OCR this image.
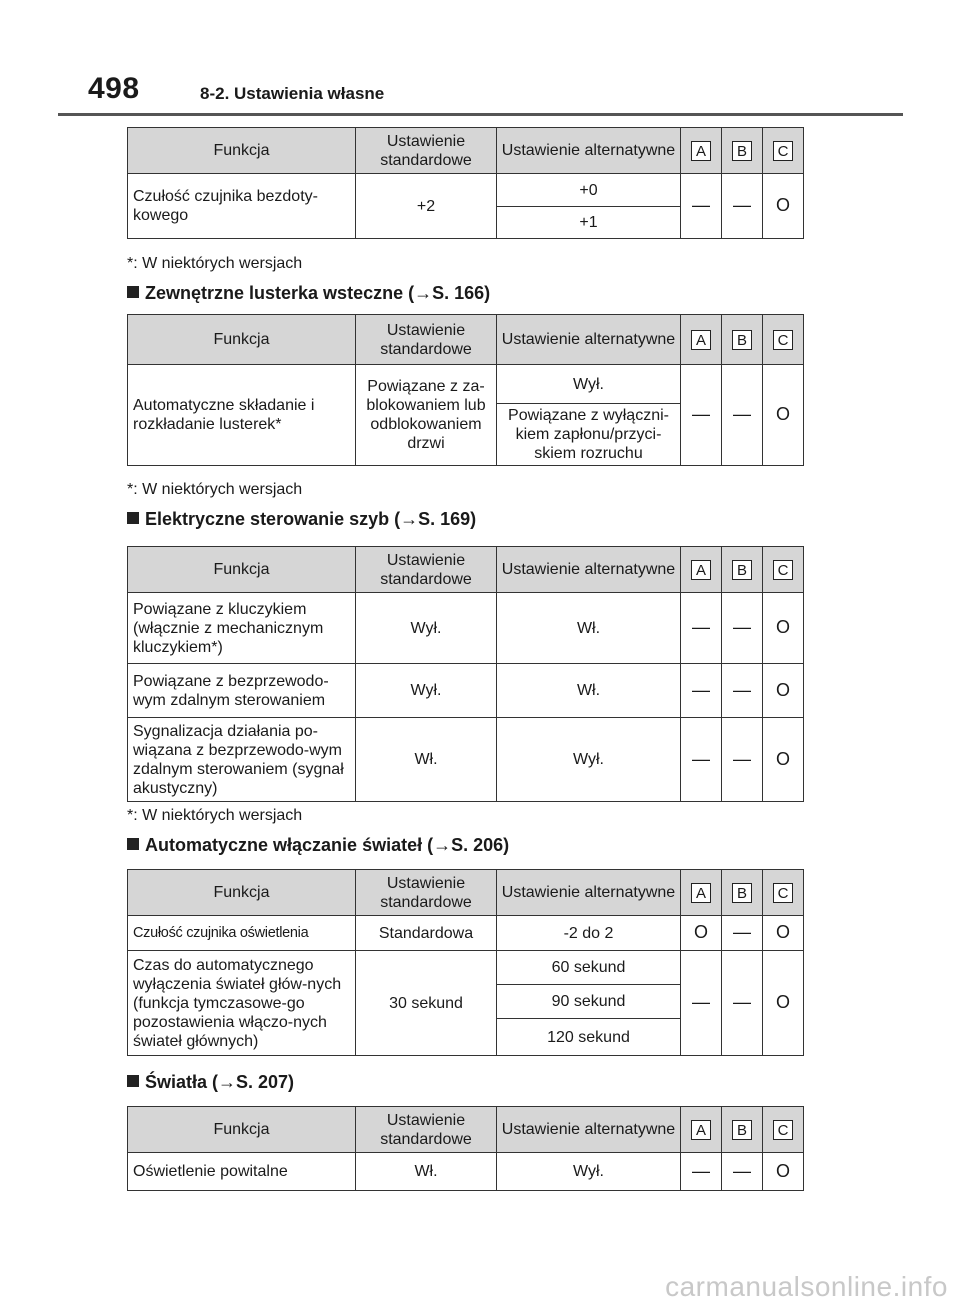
498	8-2. Ustawienia własne
Funkcja	Ustawienie standardowe	Ustawienie alternatywne	A	B	C
Czułość czujnika bezdoty-kowego	+2	+0	—	—	O
		+1			
*: W niektórych wersjach
Zewnętrzne lusterka wsteczne (→S. 166)
Funkcja	Ustawienie standardowe	Ustawienie alternatywne	A	B	C
Automatyczne składanie i rozkładanie lusterek*	Powiązane z za-blokowaniem lub odblokowaniem drzwi	Wył.	—	—	O
		Powiązane z wyłączni-kiem zapłonu/przyci-skiem rozruchu			
*: W niektórych wersjach
Elektryczne sterowanie szyb (→S. 169)
Funkcja	Ustawienie standardowe	Ustawienie alternatywne	A	B	C
Powiązane z kluczykiem (włącznie z mechanicznym kluczykiem*)	Wył.	Wł.	—	—	O
Powiązane z bezprzewodo-wym zdalnym sterowaniem	Wył.	Wł.	—	—	O
Sygnalizacja działania po-wiązana z bezprzewodo-wym zdalnym sterowaniem (sygnał akustyczny)	Wł.	Wył.	—	—	O
*: W niektórych wersjach
Automatyczne włączanie świateł (→S. 206)
Funkcja	Ustawienie standardowe	Ustawienie alternatywne	A	B	C
Czułość czujnika oświetlenia	Standardowa	-2 do 2	O	—	O
Czas do automatycznego wyłączenia świateł głów-nych (funkcja tymczasowe-go pozostawienia włączo-nych świateł głównych)	30 sekund	60 sekund	—	—	O
		90 sekund			
		120 sekund			
Światła (→S. 207)
Funkcja	Ustawienie standardowe	Ustawienie alternatywne	A	B	C
Oświetlenie powitalne	Wł.	Wył.	—	—	O
carmanualsonline.info
